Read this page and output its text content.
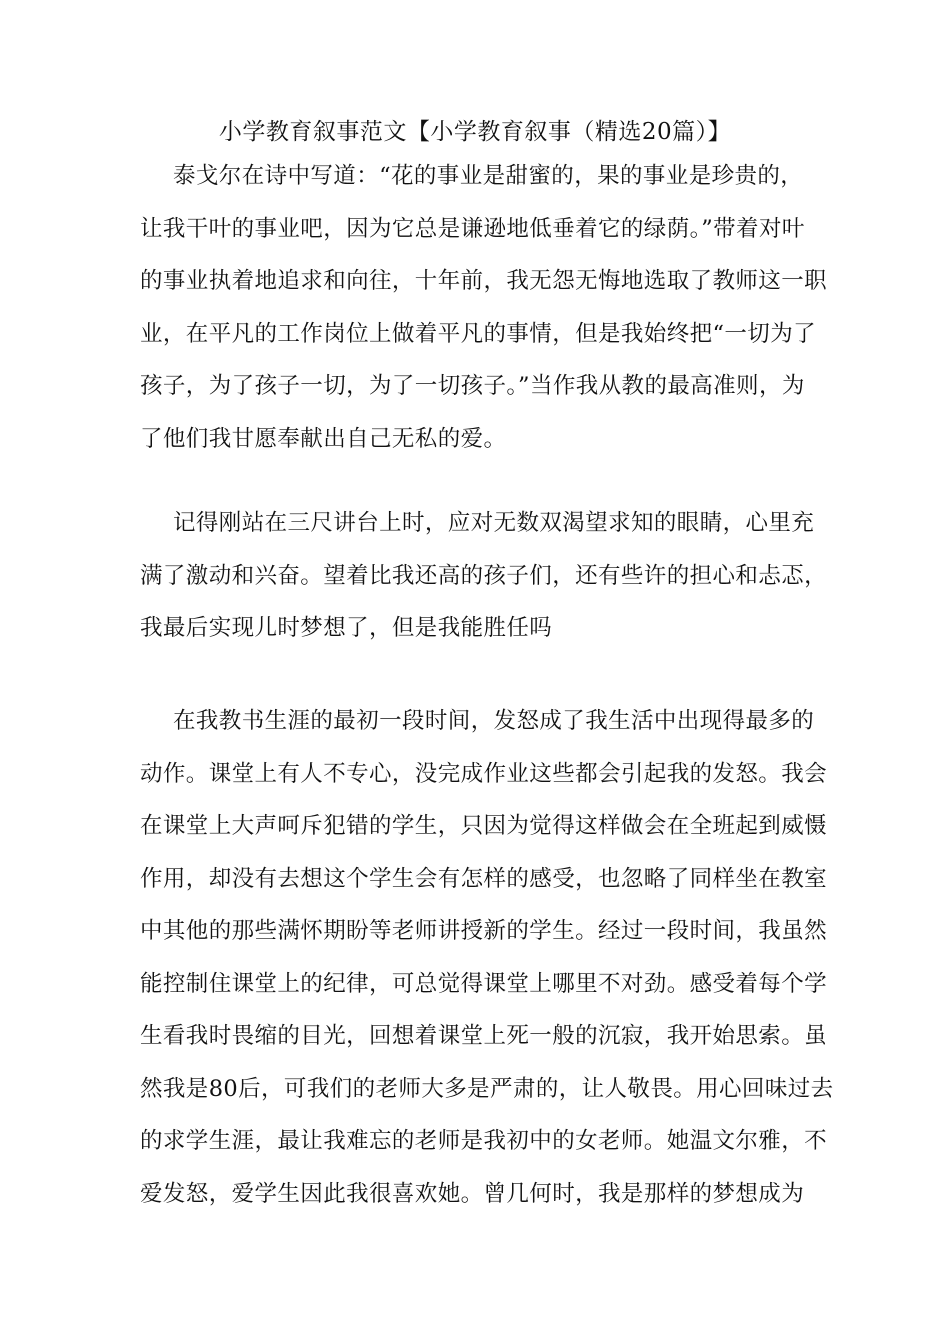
小学教育叙事范文【小学教育叙事（精选20篇）】
泰戈尔在诗中写道：“花的事业是甜蜜的，果的事业是珍贵的，
让我干叶的事业吧，因为它总是谦逊地低垂着它的绿荫。”带着对叶
的事业执着地追求和向往，十年前，我无怨无悔地选取了教师这一职
业，在平凡的工作岗位上做着平凡的事情，但是我始终把“一切为了
孩子，为了孩子一切，为了一切孩子。”当作我从教的最高准则，为
了他们我甘愿奉献出自己无私的爱。
记得刚站在三尺讲台上时，应对无数双渴望求知的眼睛，心里充
满了激动和兴奋。望着比我还高的孩子们，还有些许的担心和忐忑，
我最后实现儿时梦想了，但是我能胜任吗
在我教书生涯的最初一段时间，发怒成了我生活中出现得最多的
动作。课堂上有人不专心，没完成作业这些都会引起我的发怒。我会
在课堂上大声呵斥犯错的学生，只因为觉得这样做会在全班起到威慑
作用，却没有去想这个学生会有怎样的感受，也忽略了同样坐在教室
中其他的那些满怀期盼等老师讲授新的学生。经过一段时间，我虽然
能控制住课堂上的纪律，可总觉得课堂上哪里不对劲。感受着每个学
生看我时畏缩的目光，回想着课堂上死一般的沉寂，我开始思索。虽
然我是80后，可我们的老师大多是严肃的，让人敬畏。用心回味过去
的求学生涯，最让我难忘的老师是我初中的女老师。她温文尔雅，不
爱发怒，爱学生因此我很喜欢她。曾几何时，我是那样的梦想成为
